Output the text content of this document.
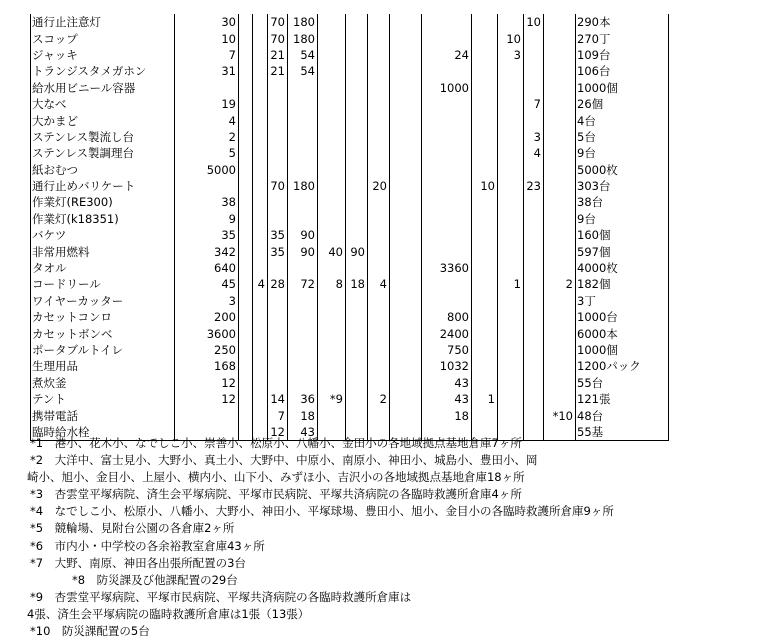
通行止注意灯	30			70	180								10		290本
スコップ	10			70	180							10			270丁
ジャッキ	7			21	54					24		3			109台
トランジスタメガホン	31			21	54										106台
給水用ビニール容器										1000					1000個
大なべ	19												7		26個
大かまど	4														4台
ステンレス製流し台	2												3		5台
ステンレス製調理台	5												4		9台
紙おむつ	5000														5000枚
通行止めバリケート				70	180			20			10		23		303台
作業灯(RE300)	38														38台
作業灯(k18351)	9														9台
バケツ	35			35	90										160個
非常用燃料	342			35	90	40	90								597個
タオル	640									3360					4000枚
コードリール	45		4	28	72	8	18	4				1		2	182個
ワイヤーカッター	3														3丁
カセットコンロ	200									800					1000台
カセットボンベ	3600									2400					6000本
ポータブルトイレ	250									750					1000個
生理用品	168									1032					1200パック
煮炊釜	12									43					55台
テント	12			14	36	*9		2		43	1				121張
携帯電話				7	18					18				*10	48台
臨時給水栓				12	43										55基
*1　港小、花木小、なでしこ小、崇善小、松原小、八幡小、金田小の各地域拠点基地倉庫7ヶ所
*2　大洋中、富士見小、大野小、真土小、大野中、中原小、南原小、神田小、城島小、豊田小、岡
崎小、旭小、金目小、上屋小、横内小、山下小、みずほ小、吉沢小の各地域拠点基地倉庫18ヶ所
*3　杏雲堂平塚病院、済生会平塚病院、平塚市民病院、平塚共済病院の各臨時救護所倉庫4ヶ所
*4　なでしこ小、松原小、八幡小、大野小、神田小、平塚球場、豊田小、旭小、金目小の各臨時救護所倉庫9ヶ所
*5　競輪場、見附台公園の各倉庫2ヶ所
*6　市内小・中学校の各余裕教室倉庫43ヶ所
*7　大野、南原、神田各出張所配置の3台
*8　防災課及び他課配置の29台
*9　杏雲堂平塚病院、平塚市民病院、平塚共済病院の各臨時救護所倉庫は
4張、済生会平塚病院の臨時救護所倉庫は1張（13張）
*10　防災課配置の5台
